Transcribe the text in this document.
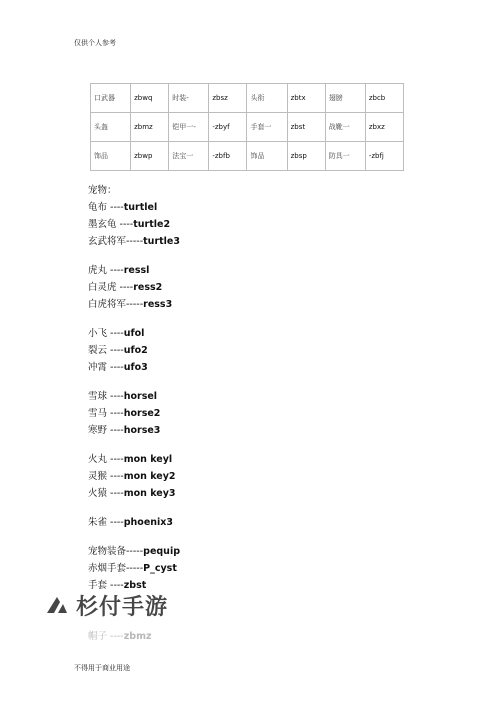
仅供个人参考
口武器	zbwq	时装-	zbsz	头衔	zbtx	翅膀	zbcb
头盔	zbmz	铠甲一-	-zbyf	手套一	zbst	战靴一	zbxz
饰品	zbwp	法宝一	-zbfb	饰品	zbsp	防具一	-zbfj
宠物：
龟布 ----turtlel
墨玄龟 ----turtle2
玄武将军-----turtle3
虎丸 ----ressl
白灵虎 ----ress2
白虎将军-----ress3
小飞 ----ufol
裂云 ----ufo2
冲霄 ----ufo3
雪球 ----horsel
雪马 ----horse2
寒野 ----horse3
火丸 ----mon keyl
灵猴 ----mon key2
火猿 ----mon key3
朱雀 ----phoenix3
宠物装备-----pequip
赤烟手套-----P_cyst
手套 ----zbst

帽子 ----zbmz
杉付手游
不得用于商业用途
